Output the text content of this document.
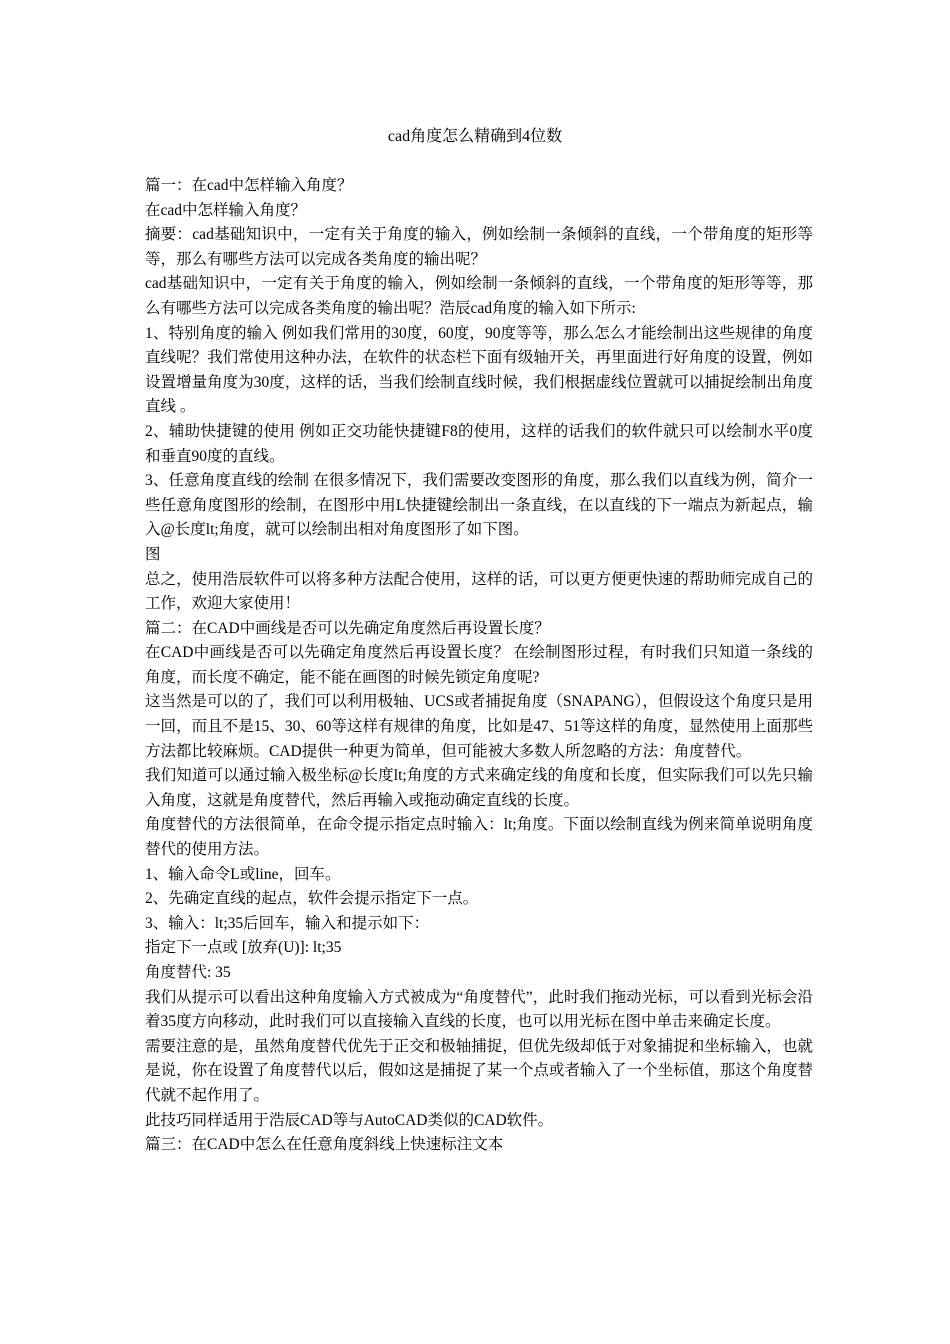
cad角度怎么精确到4位数

篇一：在cad中怎样输入角度？

在cad中怎样输入角度？

摘要：cad基础知识中，一定有关于角度的输入，例如绘制一条倾斜的直线，一个带角度的矩形等等，那么有哪些方法可以完成各类角度的输出呢？

cad基础知识中，一定有关于角度的输入，例如绘制一条倾斜的直线，一个带角度的矩形等等，那么有哪些方法可以完成各类角度的输出呢？浩辰cad角度的输入如下所示:

1、特别角度的输入 例如我们常用的30度，60度，90度等等，那么怎么才能绘制出这些规律的角度直线呢？我们常使用这种办法，在软件的状态栏下面有级轴开关，再里面进行好角度的设置，例如设置增量角度为30度，这样的话，当我们绘制直线时候，我们根据虚线位置就可以捕捉绘制出角度直线 。

2、辅助快捷键的使用 例如正交功能快捷键F8的使用，这样的话我们的软件就只可以绘制水平0度和垂直90度的直线。

3、任意角度直线的绘制 在很多情况下，我们需要改变图形的角度，那么我们以直线为例，简介一些任意角度图形的绘制，在图形中用L快捷键绘制出一条直线，在以直线的下一端点为新起点，输入@长度lt;角度，就可以绘制出相对角度图形了如下图。

图

总之，使用浩辰软件可以将多种方法配合使用，这样的话，可以更方便更快速的帮助师完成自己的工作，欢迎大家使用！

篇二：在CAD中画线是否可以先确定角度然后再设置长度？

在CAD中画线是否可以先确定角度然后再设置长度？ 在绘制图形过程，有时我们只知道一条线的角度，而长度不确定，能不能在画图的时候先锁定角度呢?

这当然是可以的了，我们可以利用极轴、UCS或者捕捉角度（SNAPANG），但假设这个角度只是用一回，而且不是15、30、60等这样有规律的角度，比如是47、51等这样的角度，显然使用上面那些方法都比较麻烦。CAD提供一种更为简单，但可能被大多数人所忽略的方法：角度替代。

我们知道可以通过输入极坐标@长度lt;角度的方式来确定线的角度和长度，但实际我们可以先只输入角度，这就是角度替代，然后再输入或拖动确定直线的长度。

角度替代的方法很简单，在命令提示指定点时输入：lt;角度。下面以绘制直线为例来简单说明角度替代的使用方法。

1、输入命令L或line，回车。

2、先确定直线的起点，软件会提示指定下一点。

3、输入：lt;35后回车，输入和提示如下：

指定下一点或 [放弃(U)]: lt;35

角度替代: 35

我们从提示可以看出这种角度输入方式被成为“角度替代”，此时我们拖动光标，可以看到光标会沿着35度方向移动，此时我们可以直接输入直线的长度，也可以用光标在图中单击来确定长度。

需要注意的是，虽然角度替代优先于正交和极轴捕捉，但优先级却低于对象捕捉和坐标输入，也就是说，你在设置了角度替代以后，假如这是捕捉了某一个点或者输入了一个坐标值，那这个角度替代就不起作用了。

此技巧同样适用于浩辰CAD等与AutoCAD类似的CAD软件。

篇三：在CAD中怎么在任意角度斜线上快速标注文本
